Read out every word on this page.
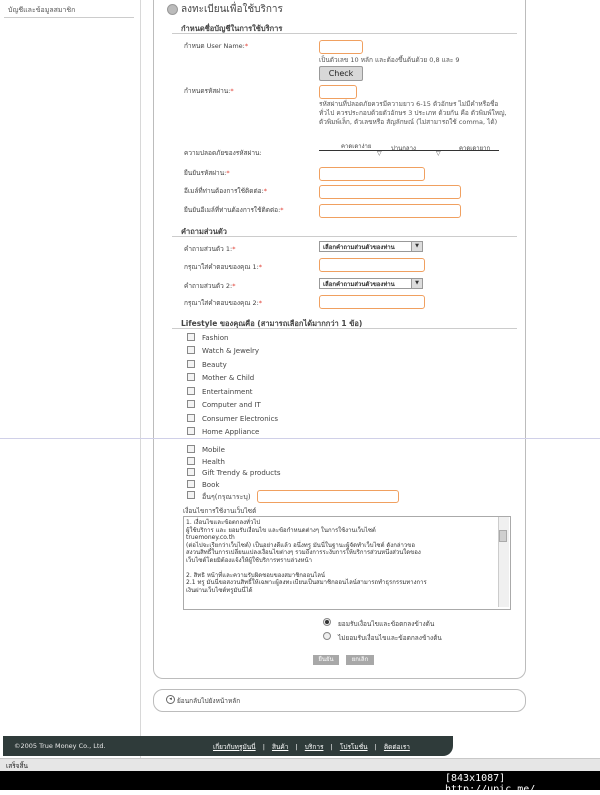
บัญชีและข้อมูลสมาชิก	ลงทะเบียนเพื่อใช้บริการ
กำหนดชื่อบัญชีในการใช้บริการ
กำหนด User Name:*
เป็นตัวเลข 10 หลัก และต้องขึ้นต้นด้วย 0,8 และ 9
Check
กำหนดรหัสผ่าน:*
รหัสผ่านที่ปลอดภัยควรมีความยาว 6-15 ตัวอักษร ไม่มีคำหรือชื่อทั่วไป ควรประกอบด้วยตัวอักษร 3 ประเภท ด้วยกัน คือ ตัวพิมพ์ใหญ่, ตัวพิมพ์เล็ก, ตัวเลขหรือ สัญลักษณ์ (ไม่สามารถใช้ comma, ได้)
ความปลอดภัยของรหัสผ่าน:
คาดเดาง่าย
▽
ปานกลาง
▽
คาดเดายาก
ยืนยันรหัสผ่าน:*
อีเมล์ที่ท่านต้องการใช้ติดต่อ:*
ยืนยันอีเมล์ที่ท่านต้องการใช้ติดต่อ:*
คำถามส่วนตัว
คำถามส่วนตัว 1:*	เลือกคำถามส่วนตัวของท่าน	▼
กรุณาใส่คำตอบของคุณ 1:*
คำถามส่วนตัว 2:*	เลือกคำถามส่วนตัวของท่าน	▼
กรุณาใส่คำตอบของคุณ 2:*
Lifestyle ของคุณคือ (สามารถเลือกได้มากกว่า 1 ข้อ)
Fashion
Watch & Jewelry
Beauty
Mother & Child
Entertainment
Computer and IT
Consumer Electronics
Home Appliance
Mobile
Health
Gift Trendy & products
Book
อื่นๆ(กรุณาระบุ)
เงื่อนไขการใช้งานเว็บไซต์
1. เงื่อนไขและข้อตกลงทั่วไป
ผู้ใช้บริการ และ ยอมรับเงื่อนไข และข้อกำหนดต่างๆ ในการใช้งานเว็บไซต์
truemoney.co.th
(ต่อไปจะเรียกว่าเว็บไซต์) เป็นอย่างดีแล้ว อนึ่งทรู มันนี่ในฐานะผู้จัดทำเว็บไซต์ ดังกล่าวขอ
สงวนสิทธิ์ในการเปลี่ยนแปลงเงื่อนไขต่างๆ รวมถึงการระงับการให้บริการส่วนหนึ่งส่วนใดของ
เว็บไซต์โดยมิต้องแจ้งให้ผู้ใช้บริการทราบล่วงหน้า
2. สิทธิ หน้าที่และความรับผิดชอบของสมาชิกออนไลน์
2.1 ทรู มันนี่ขอสงวนสิทธิ์ให้เฉพาะผู้ลงทะเบียนเป็นสมาชิกออนไลน์สามารถทำธุรกรรมทางการ
เงินผ่านเว็บไซต์ทรูมันนี่ได้
ยอมรับเงื่อนไขและข้อตกลงข้างต้น
ไม่ยอมรับเงื่อนไขและข้อตกลงข้างต้น
ยืนยัน	ยกเลิก
◂ ย้อนกลับไปยังหน้าหลัก
©2005 True Money Co., Ltd.	เกี่ยวกับทรูมันนี่ | สินค้า | บริการ | โปรโมชั่น | ติดต่อเรา
เสร็จสิ้น
[843x1087] http://upic.me/
